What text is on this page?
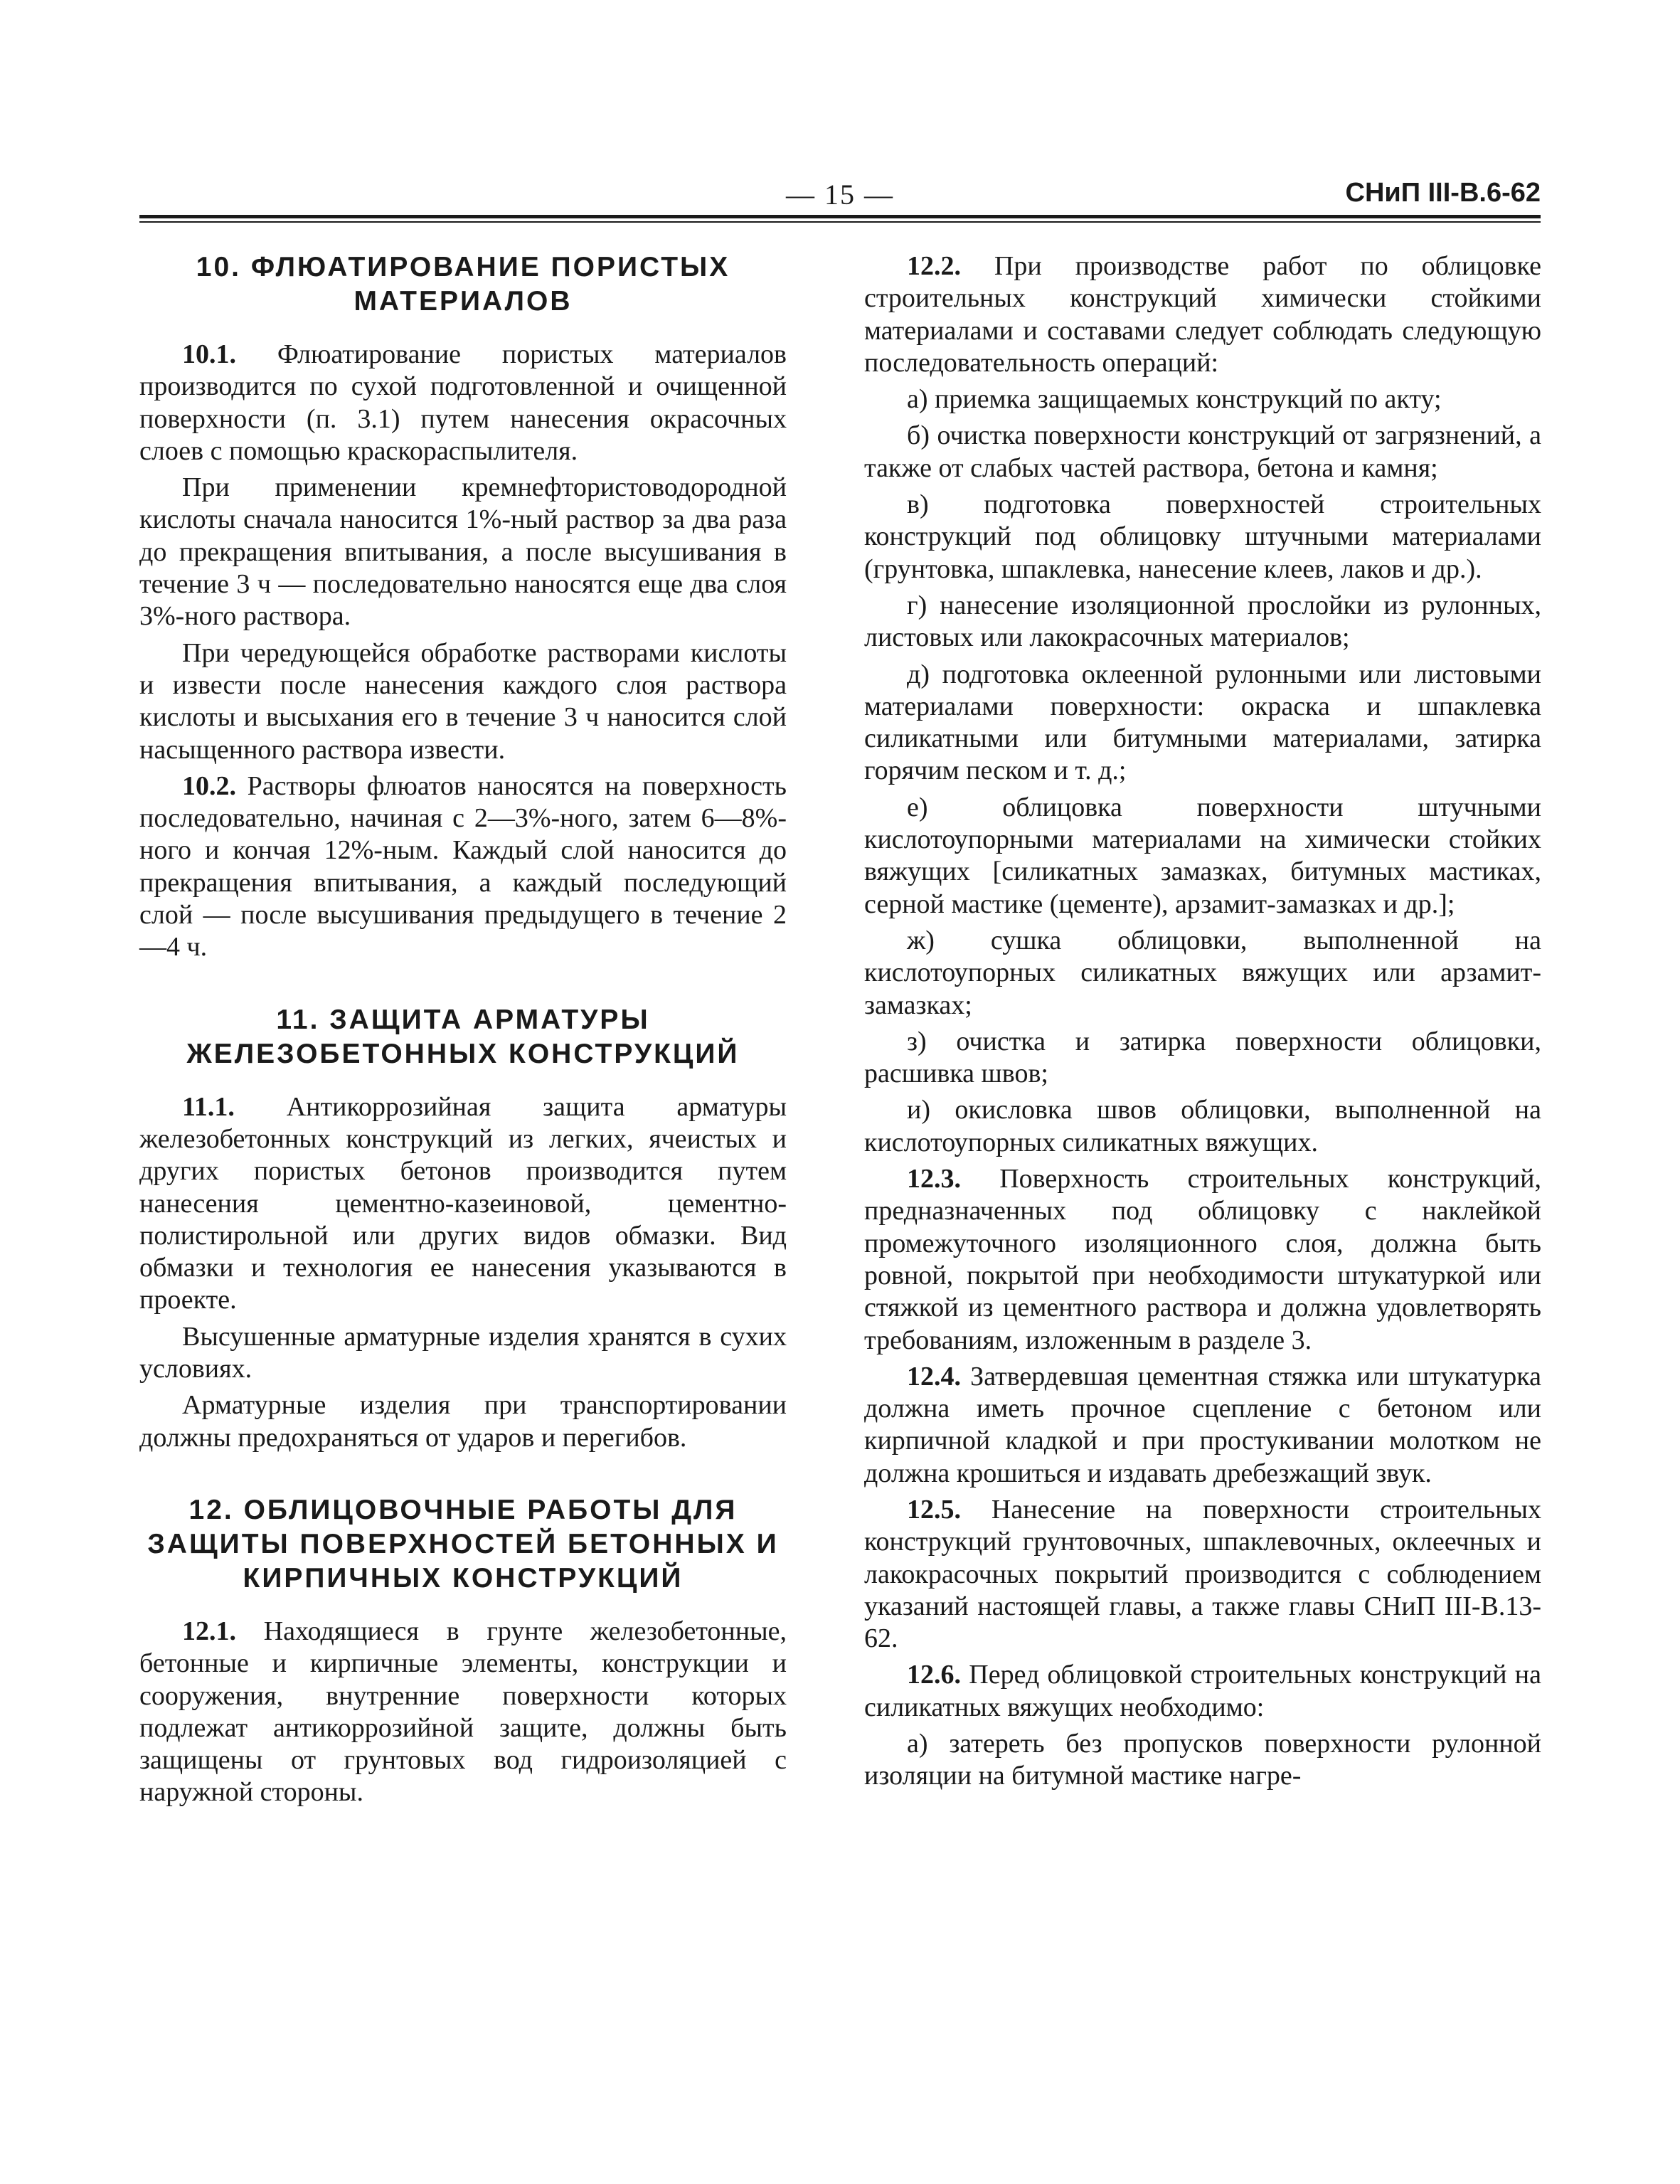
— 15 —	СНиП III-В.6-62

10. ФЛЮАТИРОВАНИЕ ПОРИСТЫХ МАТЕРИАЛОВ

10.1. Флюатирование пористых материалов производится по сухой подготовленной и очищенной поверхности (п. 3.1) путем нанесения окрасочных слоев с помощью краскораспылителя.

При применении кремнефтористоводородной кислоты сначала наносится 1%-ный раствор за два раза до прекращения впитывания, а после высушивания в течение 3 ч — последовательно наносятся еще два слоя 3%-ного раствора.

При чередующейся обработке растворами кислоты и извести после нанесения каждого слоя раствора кислоты и высыхания его в течение 3 ч наносится слой насыщенного раствора извести.

10.2. Растворы флюатов наносятся на поверхность последовательно, начиная с 2—3%-ного, затем 6—8%-ного и кончая 12%-ным. Каждый слой наносится до прекращения впитывания, а каждый последующий слой — после высушивания предыдущего в течение 2—4 ч.

11. ЗАЩИТА АРМАТУРЫ ЖЕЛЕЗОБЕТОННЫХ КОНСТРУКЦИЙ

11.1. Антикоррозийная защита арматуры железобетонных конструкций из легких, ячеистых и других пористых бетонов производится путем нанесения цементно-казеиновой, цементно-полистирольной или других видов обмазки. Вид обмазки и технология ее нанесения указываются в проекте.

Высушенные арматурные изделия хранятся в сухих условиях.

Арматурные изделия при транспортировании должны предохраняться от ударов и перегибов.

12. ОБЛИЦОВОЧНЫЕ РАБОТЫ ДЛЯ ЗАЩИТЫ ПОВЕРХНОСТЕЙ БЕТОННЫХ И КИРПИЧНЫХ КОНСТРУКЦИЙ

12.1. Находящиеся в грунте железобетонные, бетонные и кирпичные элементы, конструкции и сооружения, внутренние поверхности которых подлежат антикоррозийной защите, должны быть защищены от грунтовых вод гидроизоляцией с наружной стороны.

12.2. При производстве работ по облицовке строительных конструкций химически стойкими материалами и составами следует соблюдать следующую последовательность операций:

а) приемка защищаемых конструкций по акту;

б) очистка поверхности конструкций от загрязнений, а также от слабых частей раствора, бетона и камня;

в) подготовка поверхностей строительных конструкций под облицовку штучными материалами (грунтовка, шпаклевка, нанесение клеев, лаков и др.).

г) нанесение изоляционной прослойки из рулонных, листовых или лакокрасочных материалов;

д) подготовка оклеенной рулонными или листовыми материалами поверхности: окраска и шпаклевка силикатными или битумными материалами, затирка горячим песком и т. д.;

е) облицовка поверхности штучными кислотоупорными материалами на химически стойких вяжущих [силикатных замазках, битумных мастиках, серной мастике (цементе), арзамит-замазках и др.];

ж) сушка облицовки, выполненной на кислотоупорных силикатных вяжущих или арзамит-замазках;

з) очистка и затирка поверхности облицовки, расшивка швов;

и) окисловка швов облицовки, выполненной на кислотоупорных силикатных вяжущих.

12.3. Поверхность строительных конструкций, предназначенных под облицовку с наклейкой промежуточного изоляционного слоя, должна быть ровной, покрытой при необходимости штукатуркой или стяжкой из цементного раствора и должна удовлетворять требованиям, изложенным в разделе 3.

12.4. Затвердевшая цементная стяжка или штукатурка должна иметь прочное сцепление с бетоном или кирпичной кладкой и при простукивании молотком не должна крошиться и издавать дребезжащий звук.

12.5. Нанесение на поверхности строительных конструкций грунтовочных, шпаклевочных, оклеечных и лакокрасочных покрытий производится с соблюдением указаний настоящей главы, а также главы СНиП III-В.13-62.

12.6. Перед облицовкой строительных конструкций на силикатных вяжущих необходимо:

а) затереть без пропусков поверхности рулонной изоляции на битумной мастике нагре-
